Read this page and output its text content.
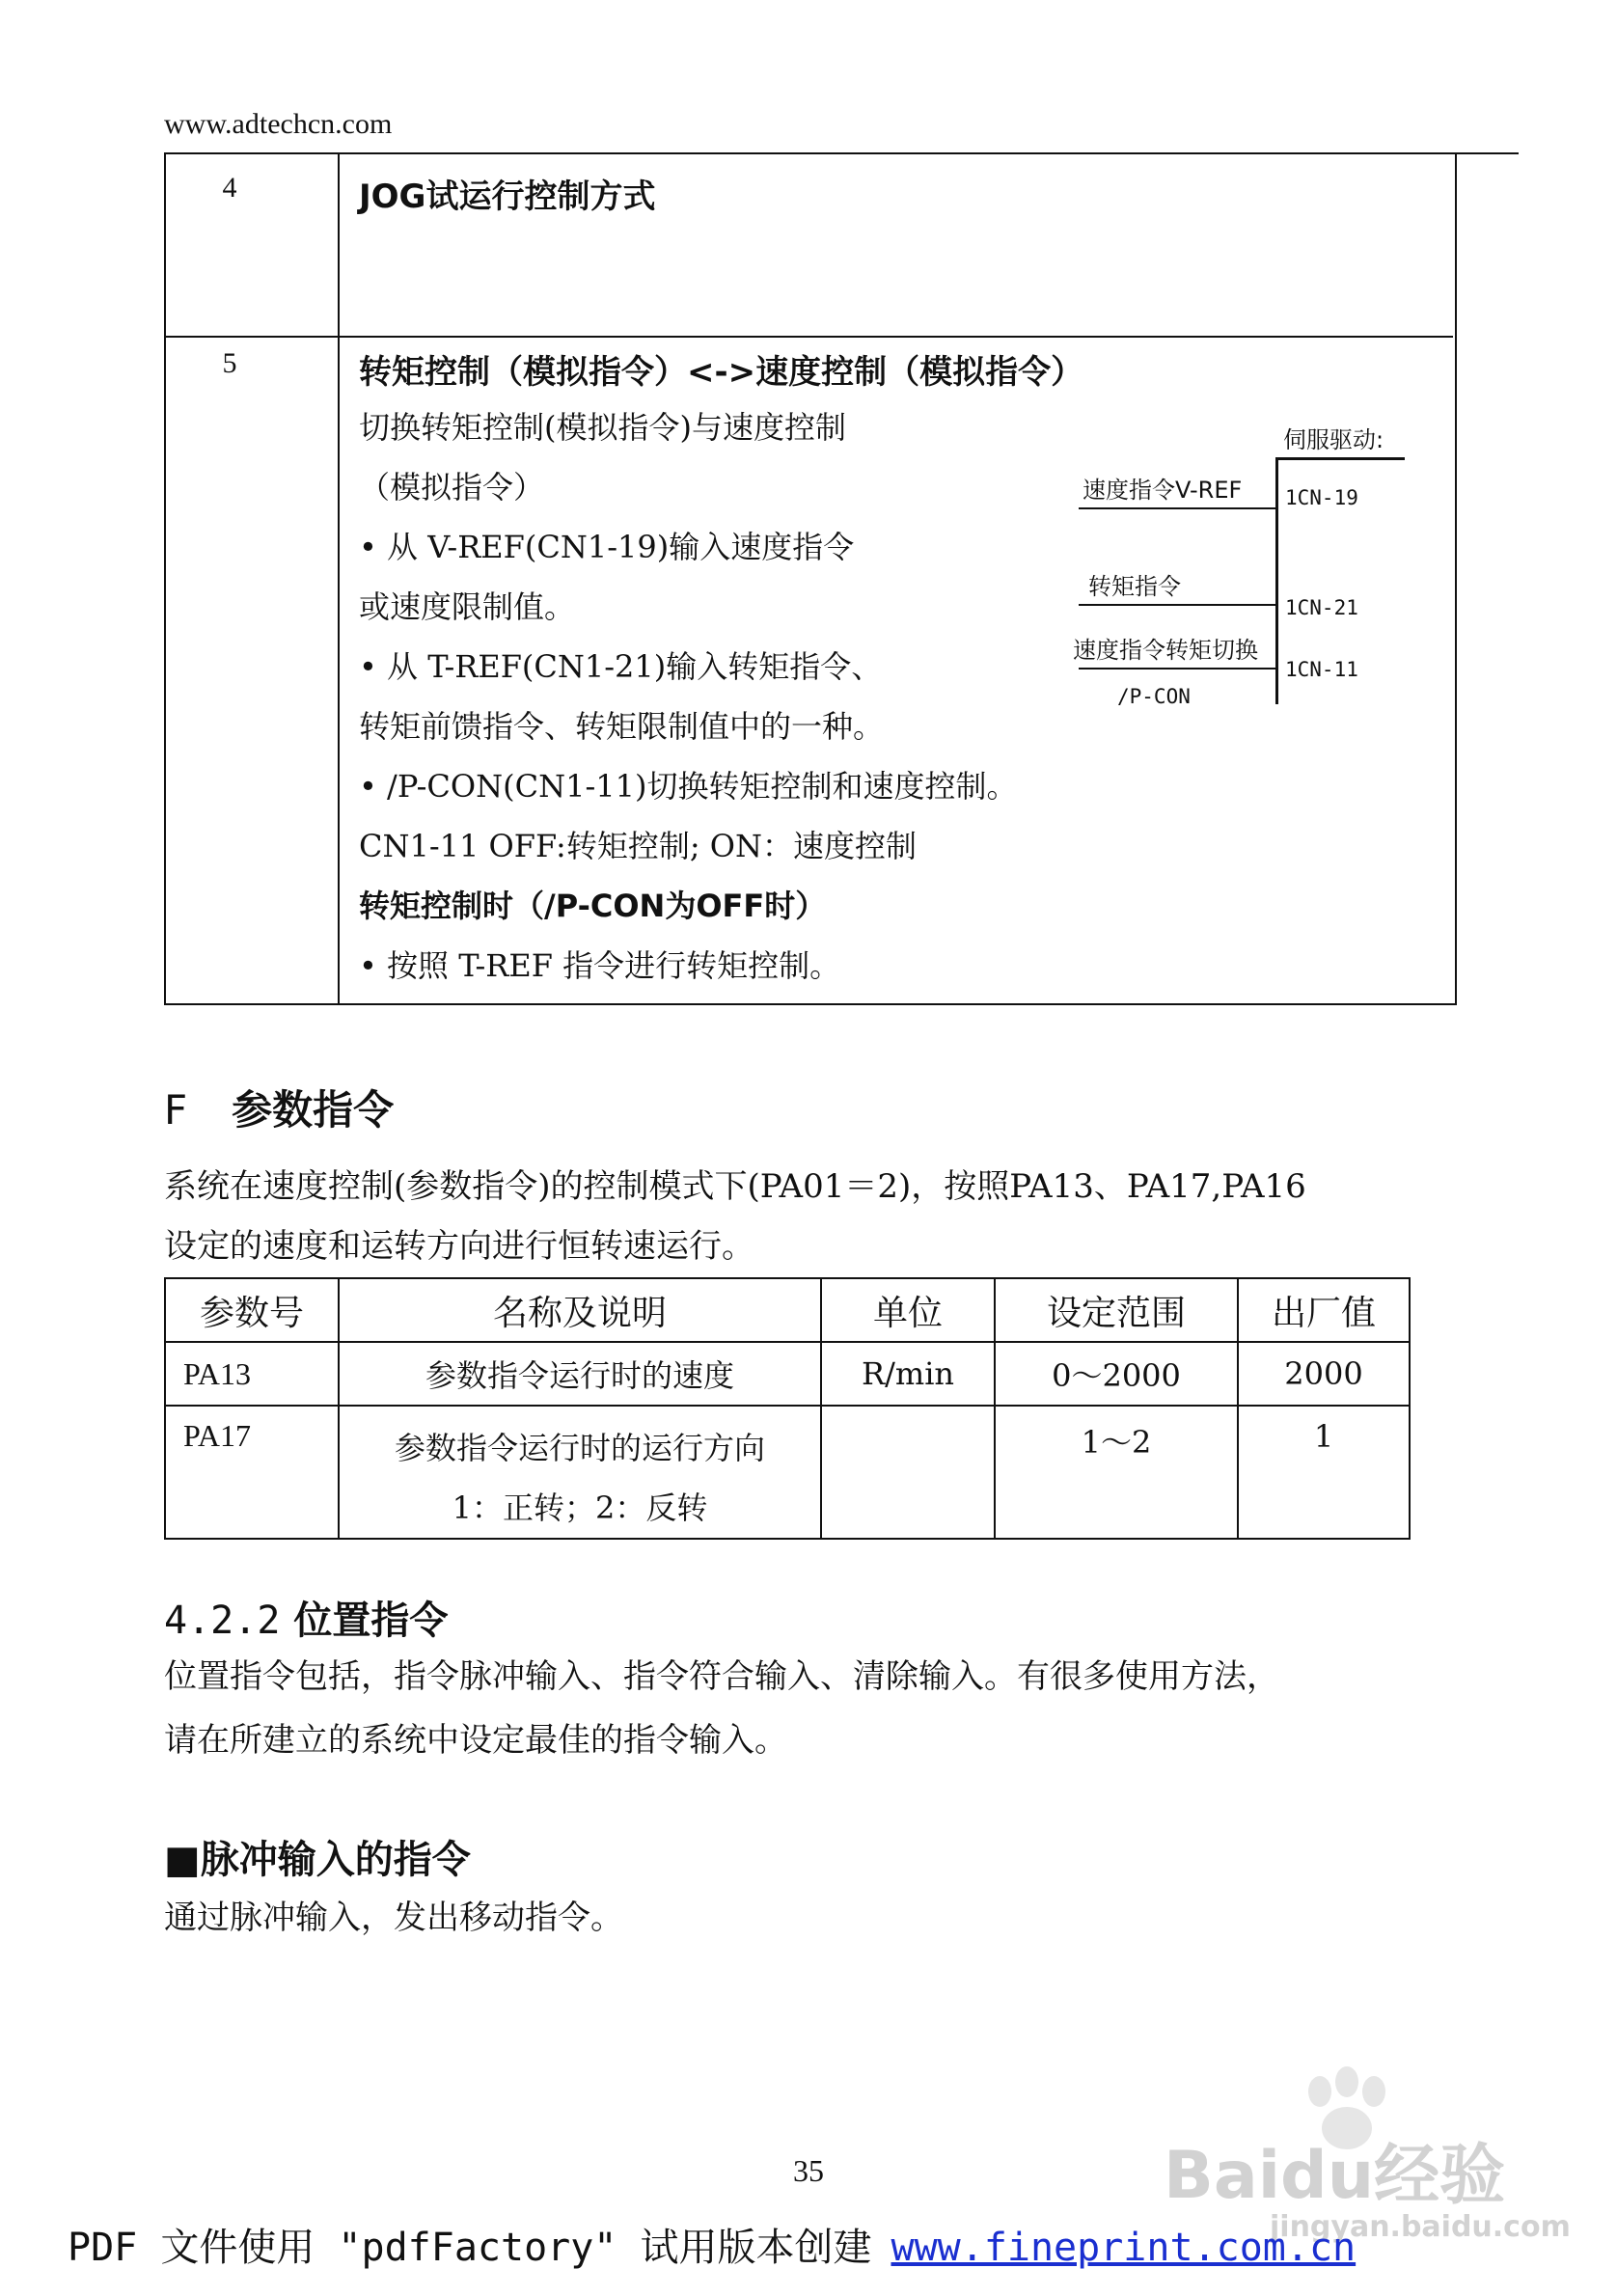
www.adtechcn.com
4	JOG试运行控制方式
5	转矩控制（模拟指令）<->速度控制（模拟指令）
切换转矩控制(模拟指令)与速度控制
（模拟指令）
• 从 V-REF(CN1-19)输入速度指令
或速度限制值。
• 从 T-REF(CN1-21)输入转矩指令、
转矩前馈指令、转矩限制值中的一种。
• /P-CON(CN1-11)切换转矩控制和速度控制。
CN1-11 OFF:转矩控制; ON：速度控制
转矩控制时（/P-CON为OFF时）
• 按照 T-REF 指令进行转矩控制。
伺服驱动:
速度指令V-REF 1CN-19
转矩指令
1CN-21
速度指令转矩切换
1CN-11
/P-CON
F 参数指令
系统在速度控制(参数指令)的控制模式下(PA01＝2)，按照PA13、PA17,PA16
设定的速度和运转方向进行恒转速运行。
参数号	名称及说明	单位	设定范围	出厂值
PA13	参数指令运行时的速度	R/min	0～2000	2000
PA17	参数指令运行时的运行方向
1：正转；2：反转		1～2	1
4.2.2 位置指令
位置指令包括，指令脉冲输入、指令符合输入、清除输入。有很多使用方法，
请在所建立的系统中设定最佳的指令输入。
■脉冲输入的指令
通过脉冲输入，发出移动指令。
Baidu经验
jingyan.baidu.com
35
PDF 文件使用 "pdfFactory" 试用版本创建 www.fineprint.com.cn
